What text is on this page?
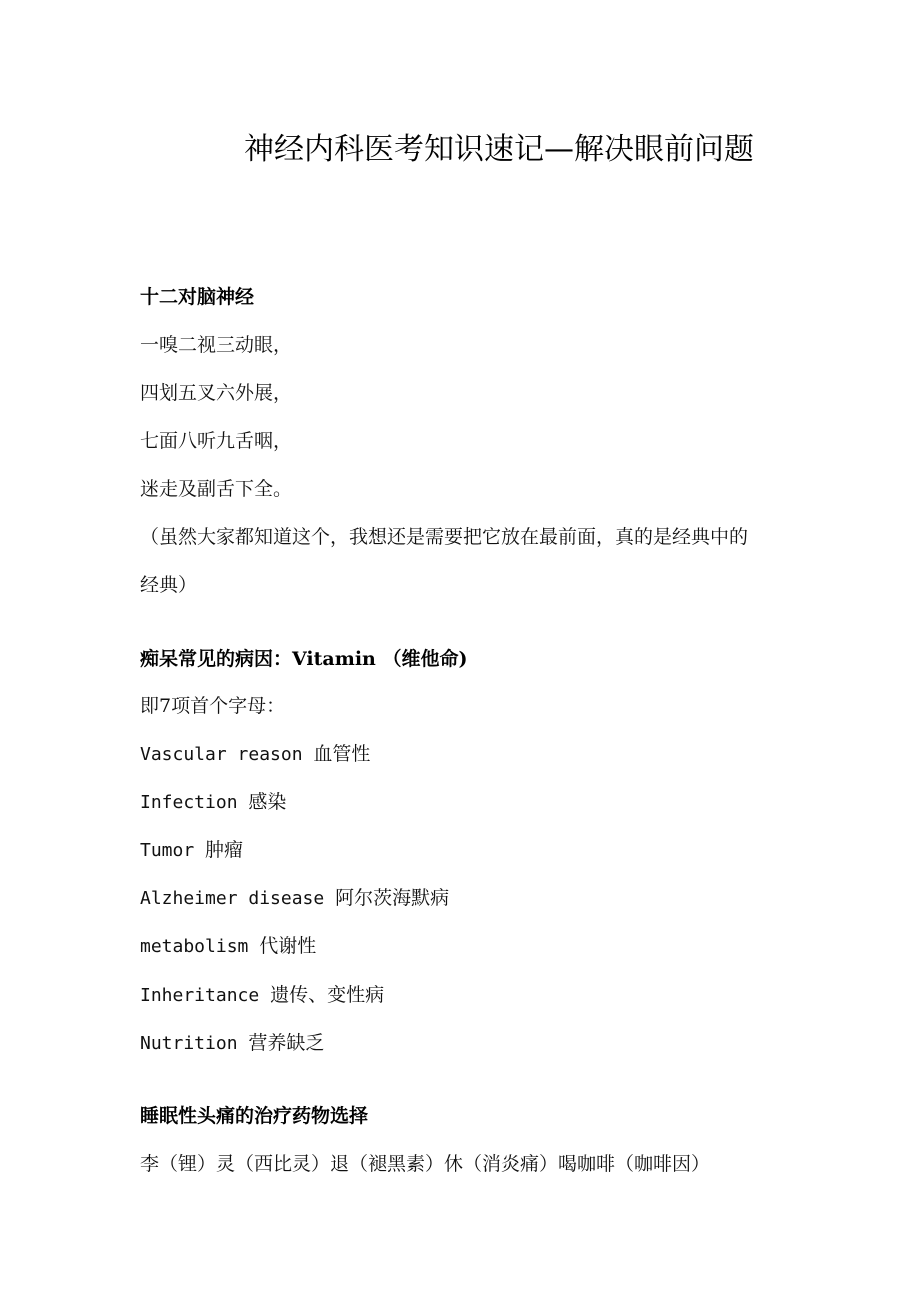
神经内科医考知识速记—解决眼前问题
十二对脑神经
一嗅二视三动眼，
四划五叉六外展，
七面八听九舌咽，
迷走及副舌下全。
（虽然大家都知道这个，我想还是需要把它放在最前面，真的是经典中的
经典）
痴呆常见的病因：Vitamin （维他命)
即7项首个字母：
Vascular reason 血管性
Infection 感染
Tumor 肿瘤
Alzheimer disease 阿尔茨海默病
metabolism 代谢性
Inheritance 遗传、变性病
Nutrition 营养缺乏
睡眠性头痛的治疗药物选择
李（锂）灵（西比灵）退（褪黑素）休（消炎痛）喝咖啡（咖啡因）
